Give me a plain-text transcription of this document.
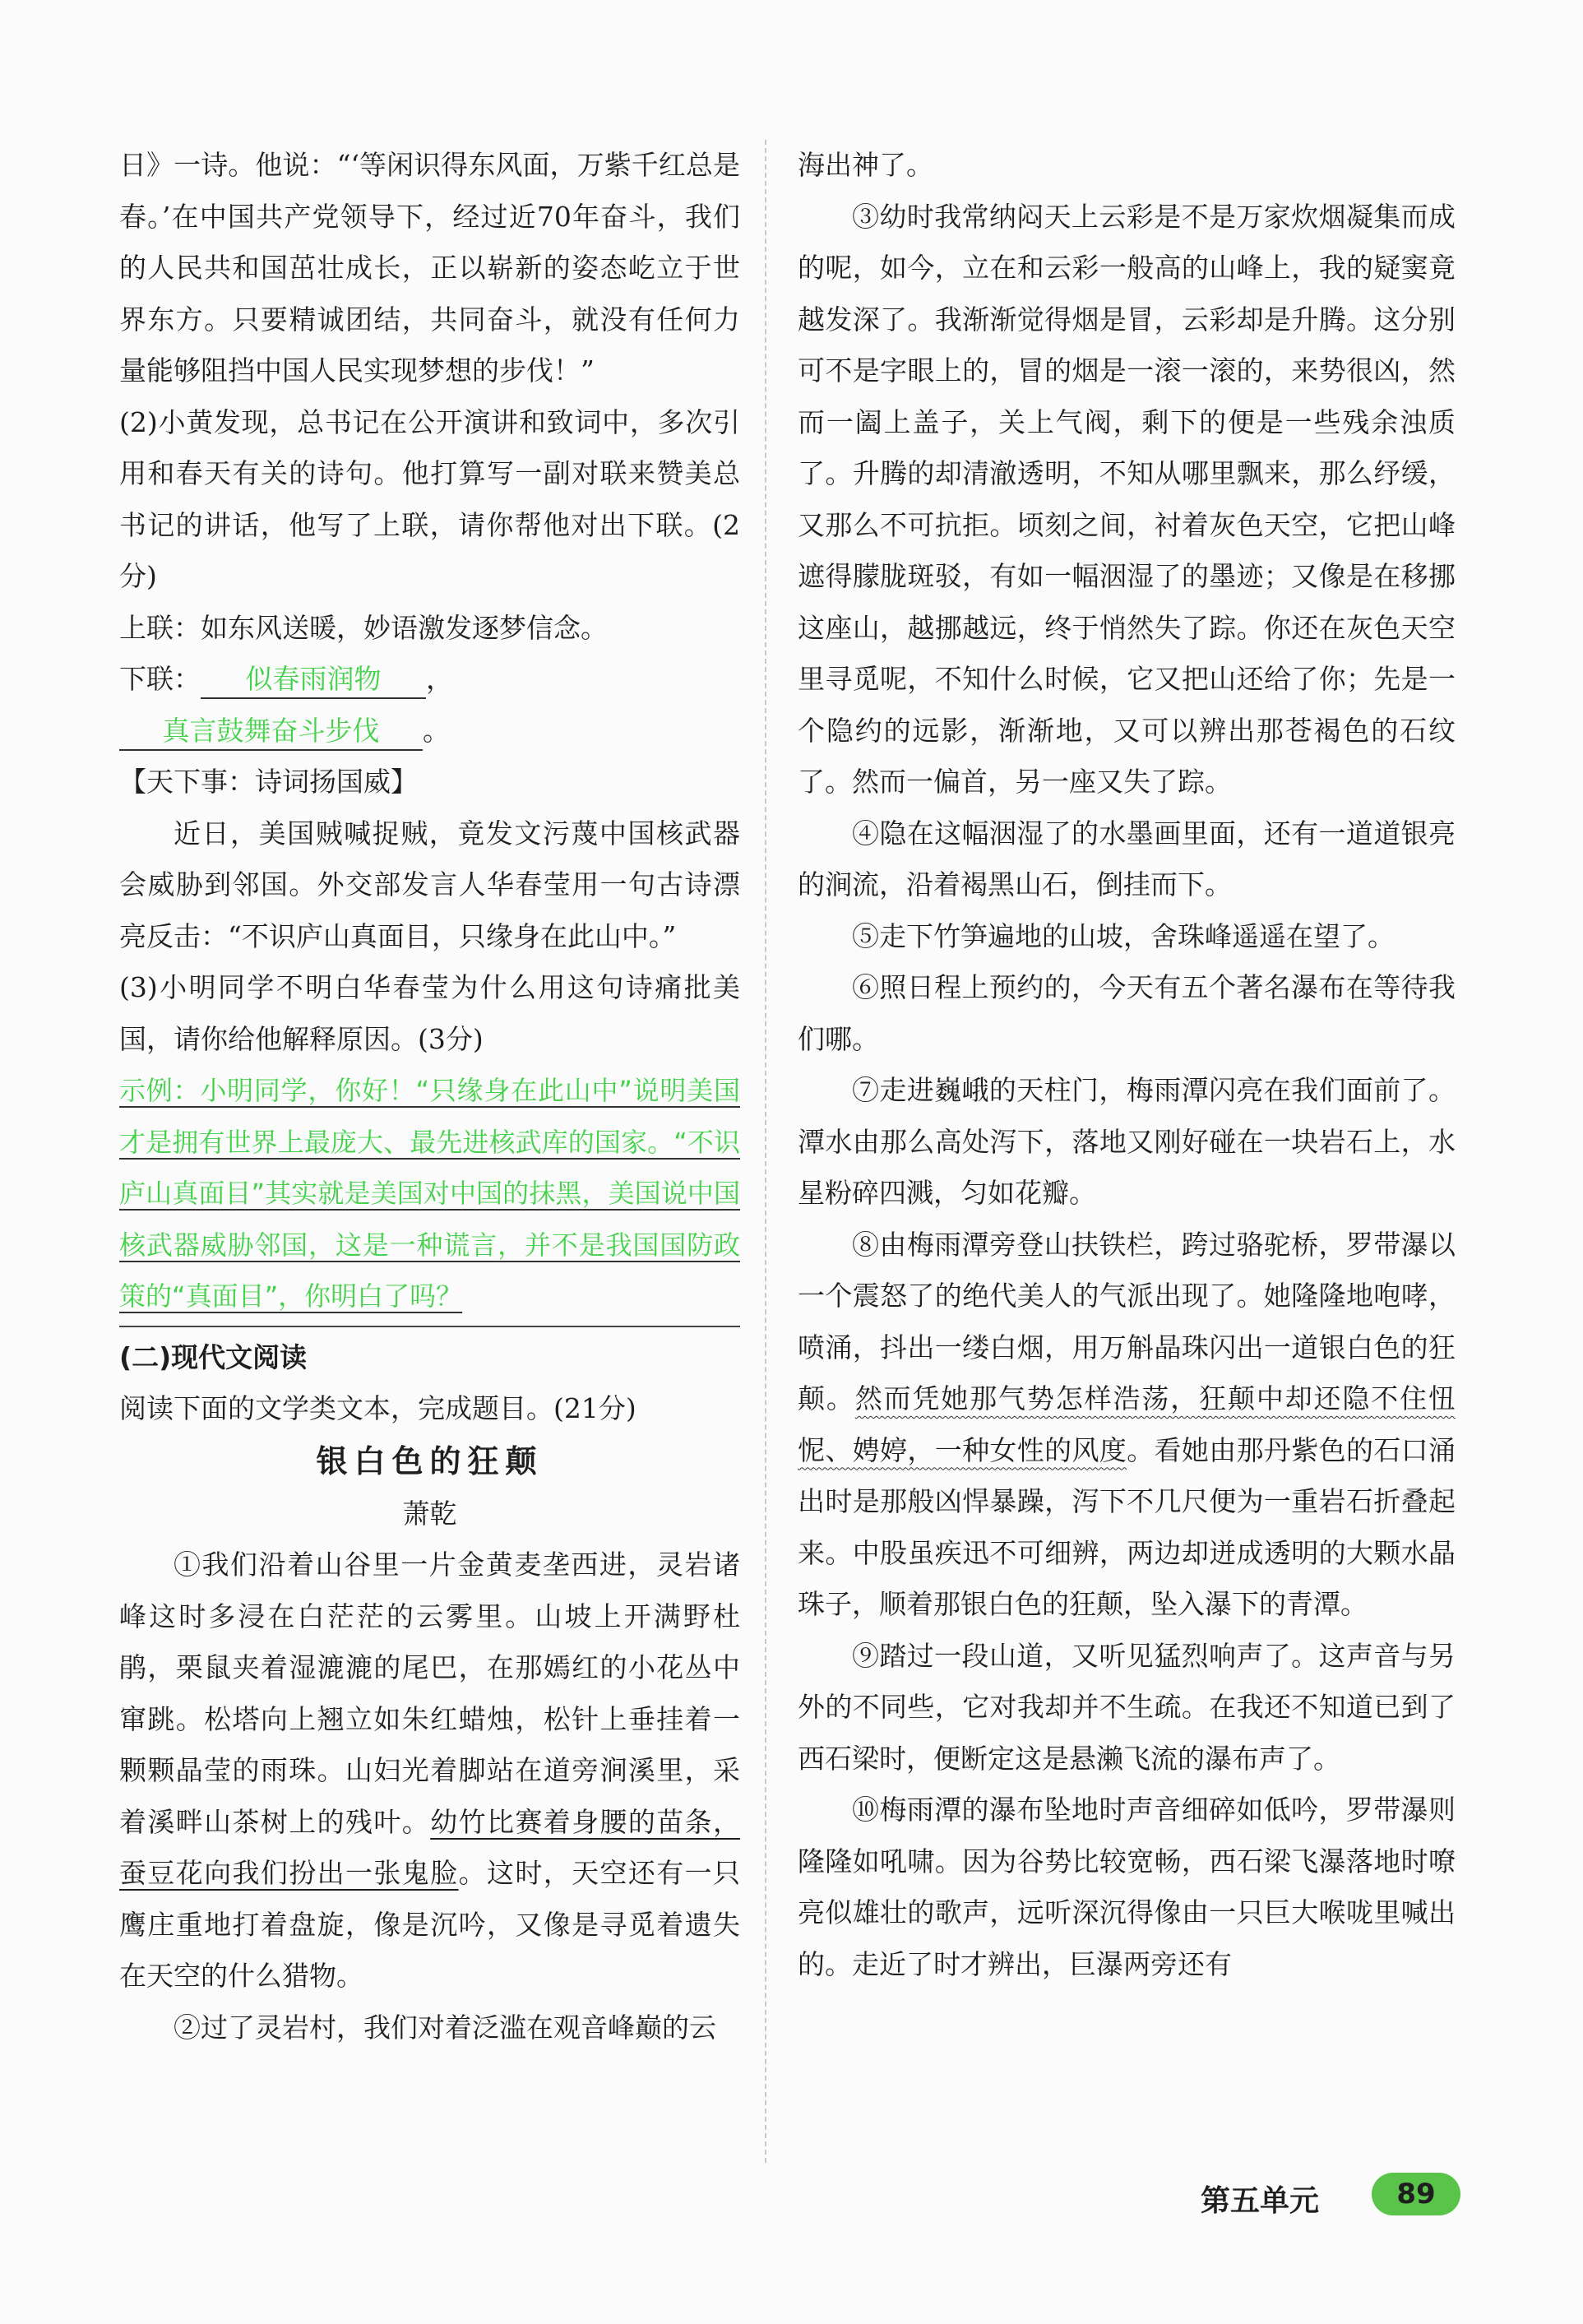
日》一诗。他说：“‘等闲识得东风面，万紫千红总是春。’在中国共产党领导下，经过近70年奋斗，我们的人民共和国茁壮成长，正以崭新的姿态屹立于世界东方。只要精诚团结，共同奋斗，就没有任何力量能够阻挡中国人民实现梦想的步伐！”

(2)小黄发现，总书记在公开演讲和致词中，多次引用和春天有关的诗句。他打算写一副对联来赞美总书记的讲话，他写了上联，请你帮他对出下联。(2分)

上联：如东风送暖，妙语激发逐梦信念。

下联： 似春雨润物 ，真言鼓舞奋斗步伐 。

【天下事：诗词扬国威】

近日，美国贼喊捉贼，竟发文污蔑中国核武器会威胁到邻国。外交部发言人华春莹用一句古诗漂亮反击：“不识庐山真面目，只缘身在此山中。”

(3)小明同学不明白华春莹为什么用这句诗痛批美国，请你给他解释原因。(3分)

示例：小明同学，你好！“只缘身在此山中”说明美国才是拥有世界上最庞大、最先进核武库的国家。“不识庐山真面目”其实就是美国对中国的抹黑，美国说中国核武器威胁邻国，这是一种谎言，并不是我国国防政策的“真面目”，你明白了吗？

(二)现代文阅读

阅读下面的文学类文本，完成题目。(21分)

银白色的狂颠

萧乾

①我们沿着山谷里一片金黄麦垄西进，灵岩诸峰这时多浸在白茫茫的云雾里。山坡上开满野杜鹃，栗鼠夹着湿漉漉的尾巴，在那嫣红的小花丛中窜跳。松塔向上翘立如朱红蜡烛，松针上垂挂着一颗颗晶莹的雨珠。山妇光着脚站在道旁涧溪里，采着溪畔山茶树上的残叶。幼竹比赛着身腰的苗条，蚕豆花向我们扮出一张鬼脸。这时，天空还有一只鹰庄重地打着盘旋，像是沉吟，又像是寻觅着遗失在天空的什么猎物。

②过了灵岩村，我们对着泛滥在观音峰巅的云

海出神了。

③幼时我常纳闷天上云彩是不是万家炊烟凝集而成的呢，如今，立在和云彩一般高的山峰上，我的疑窦竟越发深了。我渐渐觉得烟是冒，云彩却是升腾。这分别可不是字眼上的，冒的烟是一滚一滚的，来势很凶，然而一阖上盖子，关上气阀，剩下的便是一些残余浊质了。升腾的却清澈透明，不知从哪里飘来，那么纾缓，又那么不可抗拒。顷刻之间，衬着灰色天空，它把山峰遮得朦胧斑驳，有如一幅洇湿了的墨迹；又像是在移挪这座山，越挪越远，终于悄然失了踪。你还在灰色天空里寻觅呢，不知什么时候，它又把山还给了你；先是一个隐约的远影，渐渐地，又可以辨出那苍褐色的石纹了。然而一偏首，另一座又失了踪。

④隐在这幅洇湿了的水墨画里面，还有一道道银亮的涧流，沿着褐黑山石，倒挂而下。

⑤走下竹笋遍地的山坡，舍珠峰遥遥在望了。

⑥照日程上预约的，今天有五个著名瀑布在等待我们哪。

⑦走进巍峨的天柱门，梅雨潭闪亮在我们面前了。潭水由那么高处泻下，落地又刚好碰在一块岩石上，水星粉碎四溅，匀如花瓣。

⑧由梅雨潭旁登山扶铁栏，跨过骆驼桥，罗带瀑以一个震怒了的绝代美人的气派出现了。她隆隆地咆哮，喷涌，抖出一缕白烟，用万斛晶珠闪出一道银白色的狂颠。然而凭她那气势怎样浩荡，狂颠中却还隐不住忸怩、娉婷，一种女性的风度。看她由那丹紫色的石口涌出时是那般凶悍暴躁，泻下不几尺便为一重岩石折叠起来。中股虽疾迅不可细辨，两边却迸成透明的大颗水晶珠子，顺着那银白色的狂颠，坠入瀑下的青潭。

⑨踏过一段山道，又听见猛烈响声了。这声音与另外的不同些，它对我却并不生疏。在我还不知道已到了西石梁时，便断定这是悬濑飞流的瀑布声了。

⑩梅雨潭的瀑布坠地时声音细碎如低吟，罗带瀑则隆隆如吼啸。因为谷势比较宽畅，西石梁飞瀑落地时嘹亮似雄壮的歌声，远听深沉得像由一只巨大喉咙里喊出的。走近了时才辨出，巨瀑两旁还有

第五单元	89
